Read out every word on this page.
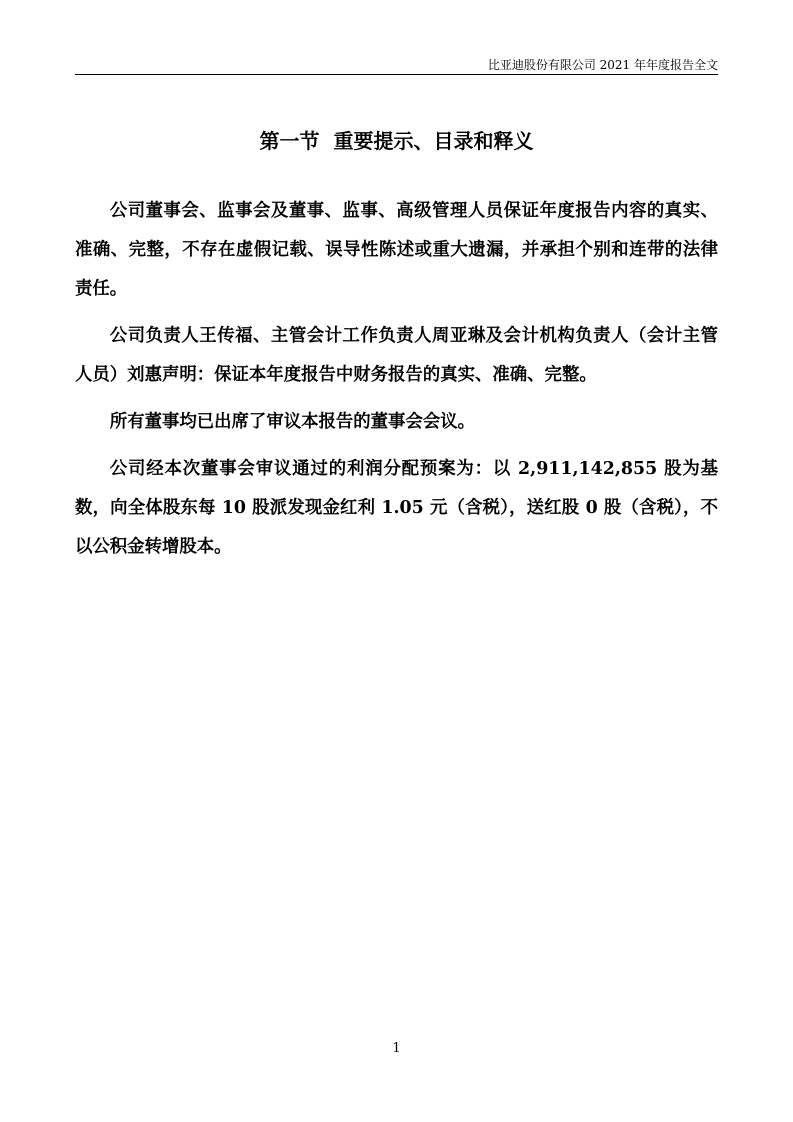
比亚迪股份有限公司 2021 年年度报告全文
第一节  重要提示、目录和释义

公司董事会、监事会及董事、监事、高级管理人员保证年度报告内容的真实、准确、完整，不存在虚假记载、误导性陈述或重大遗漏，并承担个别和连带的法律责任。

公司负责人王传福、主管会计工作负责人周亚琳及会计机构负责人（会计主管人员）刘惠声明：保证本年度报告中财务报告的真实、准确、完整。

所有董事均已出席了审议本报告的董事会会议。

公司经本次董事会审议通过的利润分配预案为：以 2,911,142,855 股为基数，向全体股东每 10 股派发现金红利 1.05 元（含税），送红股 0 股（含税），不以公积金转增股本。

1
